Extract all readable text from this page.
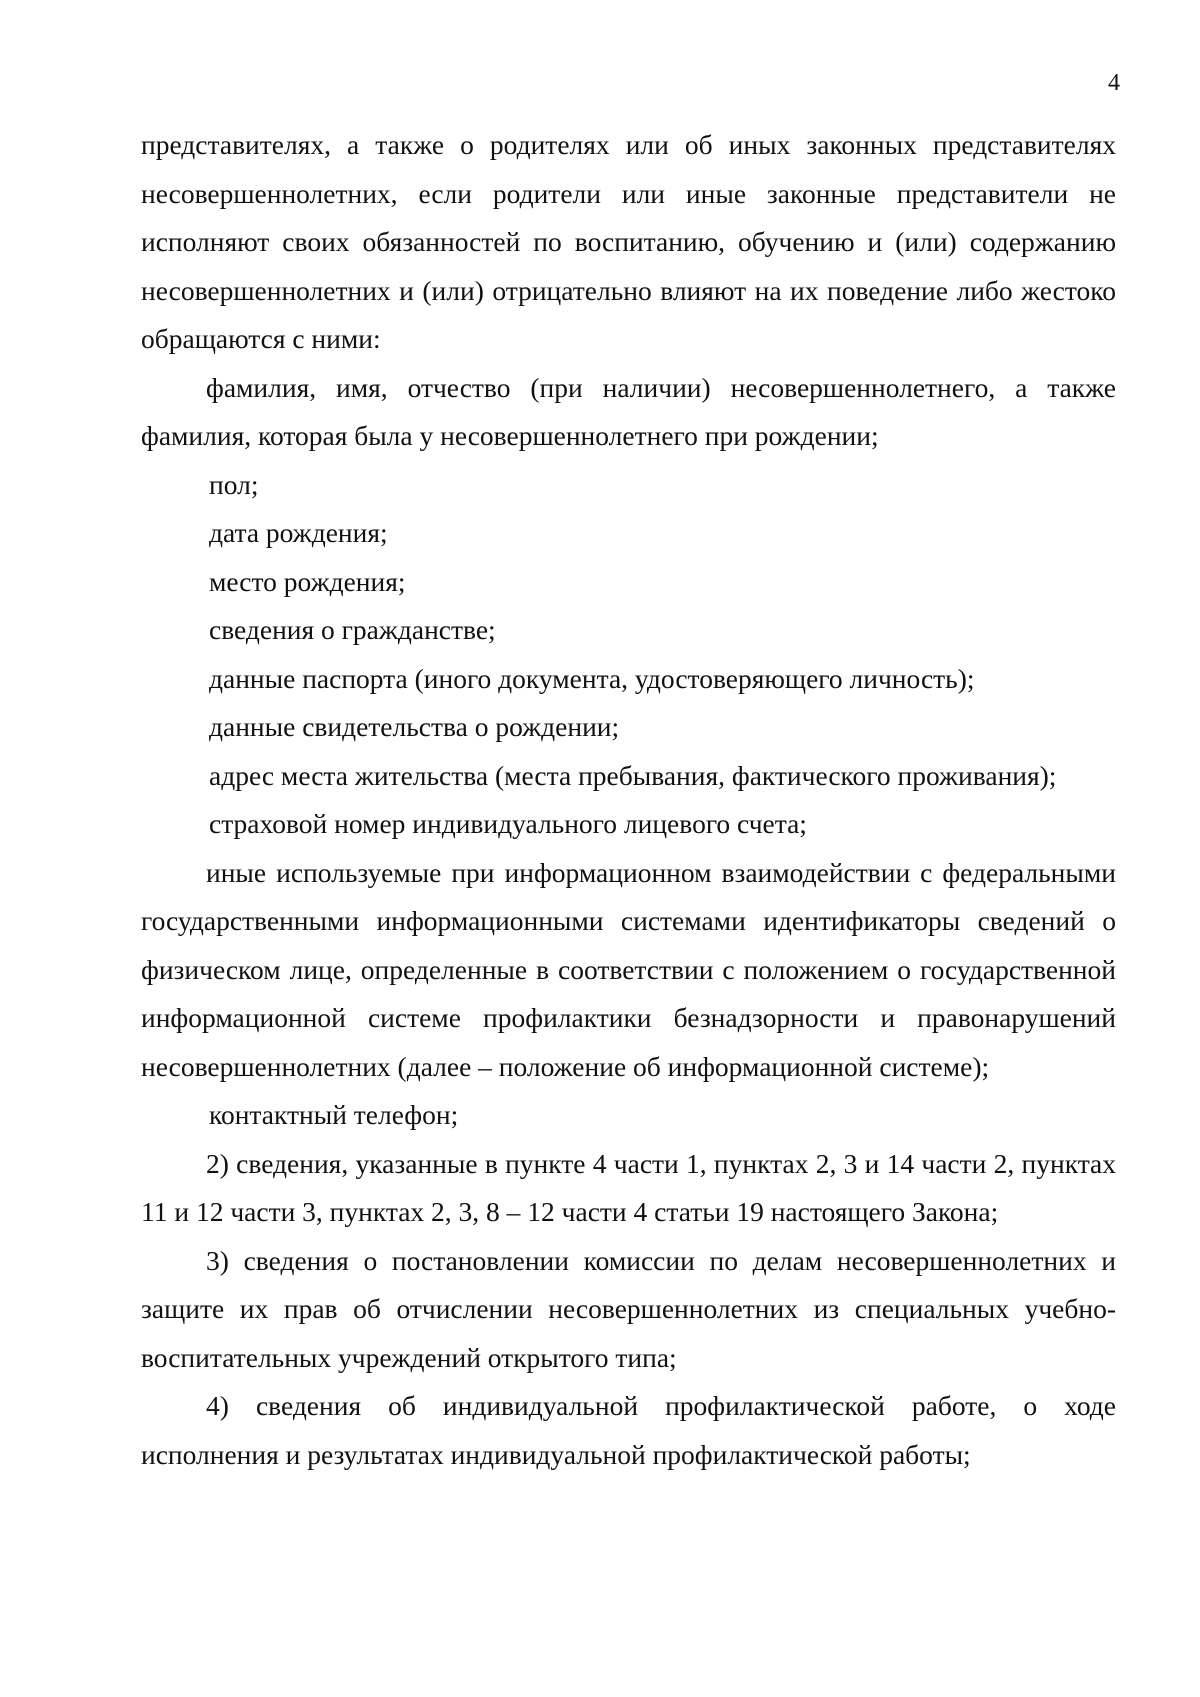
4

представителях, а также о родителях или об иных законных представителях несовершеннолетних, если родители или иные законные представители не исполняют своих обязанностей по воспитанию, обучению и (или) содержанию несовершеннолетних и (или) отрицательно влияют на их поведение либо жестоко обращаются с ними:

фамилия, имя, отчество (при наличии) несовершеннолетнего, а также фамилия, которая была у несовершеннолетнего при рождении;

пол;

дата рождения;

место рождения;

сведения о гражданстве;

данные паспорта (иного документа, удостоверяющего личность);

данные свидетельства о рождении;

адрес места жительства (места пребывания, фактического проживания);

страховой номер индивидуального лицевого счета;

иные используемые при информационном взаимодействии с федеральными государственными информационными системами идентификаторы сведений о физическом лице, определенные в соответствии с положением о государственной информационной системе профилактики безнадзорности и правонарушений несовершеннолетних (далее – положение об информационной системе);

контактный телефон;

2) сведения, указанные в пункте 4 части 1, пунктах 2, 3 и 14 части 2, пунктах 11 и 12 части 3, пунктах 2, 3, 8 – 12 части 4 статьи 19 настоящего Закона;

3) сведения о постановлении комиссии по делам несовершеннолетних и защите их прав об отчислении несовершеннолетних из специальных учебно-воспитательных учреждений открытого типа;

4) сведения об индивидуальной профилактической работе, о ходе исполнения и результатах индивидуальной профилактической работы;
